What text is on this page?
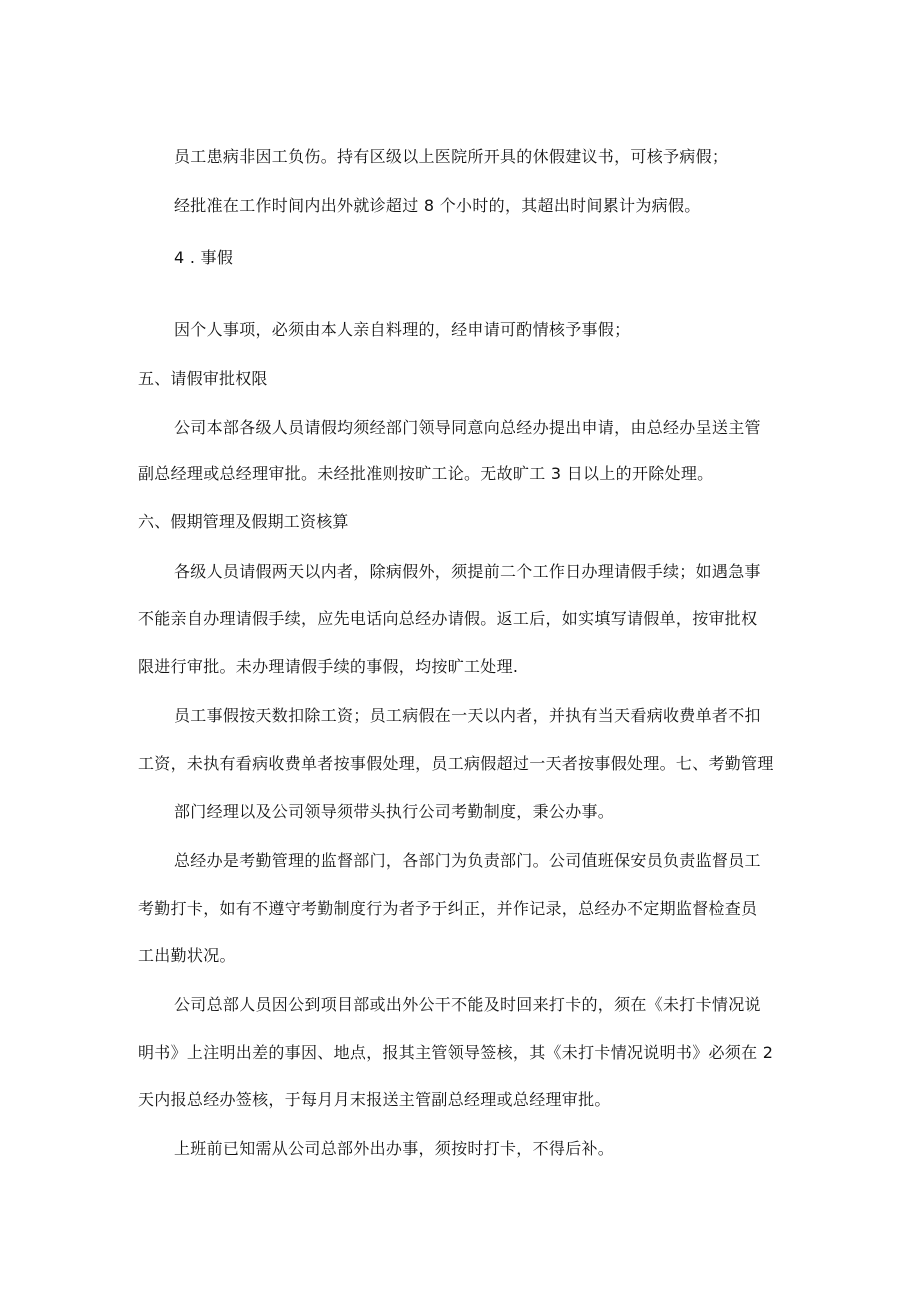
员工患病非因工负伤。持有区级以上医院所开具的休假建议书，可核予病假；
经批准在工作时间内出外就诊超过 8 个小时的，其超出时间累计为病假。
4 . 事假
因个人事项，必须由本人亲自料理的，经申请可酌情核予事假；
五、请假审批权限
公司本部各级人员请假均须经部门领导同意向总经办提出申请，由总经办呈送主管
副总经理或总经理审批。未经批准则按旷工论。无故旷工 3 日以上的开除处理。
六、假期管理及假期工资核算
各级人员请假两天以内者，除病假外，须提前二个工作日办理请假手续；如遇急事
不能亲自办理请假手续，应先电话向总经办请假。返工后，如实填写请假单，按审批权
限进行审批。未办理请假手续的事假，均按旷工处理.
员工事假按天数扣除工资；员工病假在一天以内者，并执有当天看病收费单者不扣
工资，未执有看病收费单者按事假处理，员工病假超过一天者按事假处理。七、考勤管理
部门经理以及公司领导须带头执行公司考勤制度，秉公办事。
总经办是考勤管理的监督部门，各部门为负责部门。公司值班保安员负责监督员工
考勤打卡，如有不遵守考勤制度行为者予于纠正，并作记录，总经办不定期监督检查员
工出勤状况。
公司总部人员因公到项目部或出外公干不能及时回来打卡的，须在《未打卡情况说
明书》上注明出差的事因、地点，报其主管领导签核，其《未打卡情况说明书》必须在 2
天内报总经办签核，于每月月末报送主管副总经理或总经理审批。
上班前已知需从公司总部外出办事，须按时打卡，不得后补。
